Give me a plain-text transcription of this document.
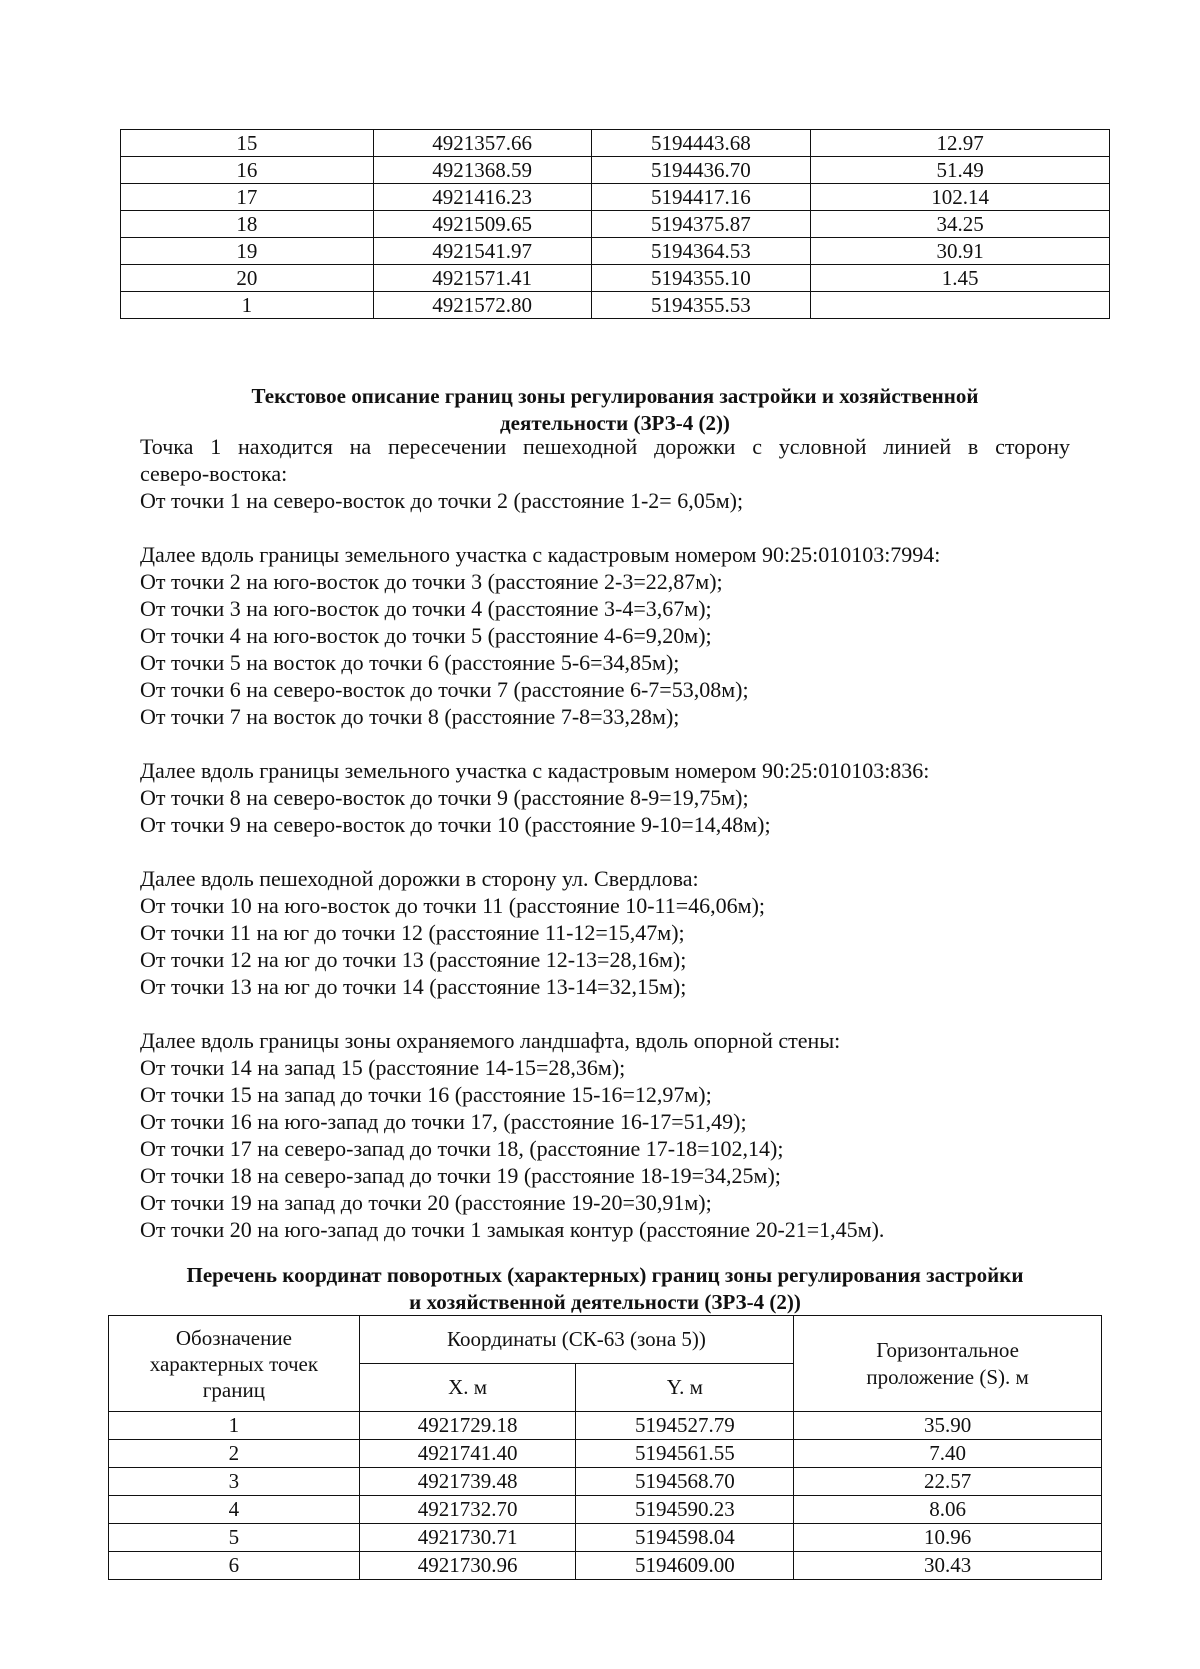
15	4921357.66	5194443.68	12.97
16	4921368.59	5194436.70	51.49
17	4921416.23	5194417.16	102.14
18	4921509.65	5194375.87	34.25
19	4921541.97	5194364.53	30.91
20	4921571.41	5194355.10	1.45
1	4921572.80	5194355.53	
Текстовое описание границ зоны регулирования застройки и хозяйственной
деятельности (ЗРЗ-4 (2))

Точка 1 находится на пересечении пешеходной дорожки с условной линией в сторону

северо-востока:

От точки 1 на северо-восток до точки 2 (расстояние 1-2= 6,05м);

Далее вдоль границы земельного участка с кадастровым номером 90:25:010103:7994:

От точки 2 на юго-восток до точки 3 (расстояние 2-3=22,87м);

От точки 3 на юго-восток до точки 4 (расстояние 3-4=3,67м);

От точки 4 на юго-восток до точки 5 (расстояние 4-6=9,20м);

От точки 5 на восток до точки 6 (расстояние 5-6=34,85м);

От точки 6 на северо-восток до точки 7 (расстояние 6-7=53,08м);

От точки 7 на восток до точки 8 (расстояние 7-8=33,28м);

Далее вдоль границы земельного участка с кадастровым номером 90:25:010103:836:

От точки 8 на северо-восток до точки 9 (расстояние 8-9=19,75м);

От точки 9 на северо-восток до точки 10 (расстояние 9-10=14,48м);

Далее вдоль пешеходной дорожки в сторону ул. Свердлова:

От точки 10 на юго-восток до точки 11 (расстояние 10-11=46,06м);

От точки 11 на юг до точки 12 (расстояние 11-12=15,47м);

От точки 12 на юг до точки 13 (расстояние 12-13=28,16м);

От точки 13 на юг до точки 14 (расстояние 13-14=32,15м);

Далее вдоль границы зоны охраняемого ландшафта, вдоль опорной стены:

От точки 14 на запад 15 (расстояние 14-15=28,36м);

От точки 15 на запад до точки 16 (расстояние 15-16=12,97м);

От точки 16 на юго-запад до точки 17, (расстояние 16-17=51,49);

От точки 17 на северо-запад до точки 18, (расстояние 17-18=102,14);

От точки 18 на северо-запад до точки 19 (расстояние 18-19=34,25м);

От точки 19 на запад до точки 20 (расстояние 19-20=30,91м);

От точки 20 на юго-запад до точки 1 замыкая контур (расстояние 20-21=1,45м).

Перечень координат поворотных (характерных) границ зоны регулирования застройки
и хозяйственной деятельности (ЗРЗ-4 (2))
Обозначение характерных точек границ	Координаты (СК-63 (зона 5))		Горизонтальное проложение (S). м
	X. м	Y. м	
1	4921729.18	5194527.79	35.90
2	4921741.40	5194561.55	7.40
3	4921739.48	5194568.70	22.57
4	4921732.70	5194590.23	8.06
5	4921730.71	5194598.04	10.96
6	4921730.96	5194609.00	30.43
